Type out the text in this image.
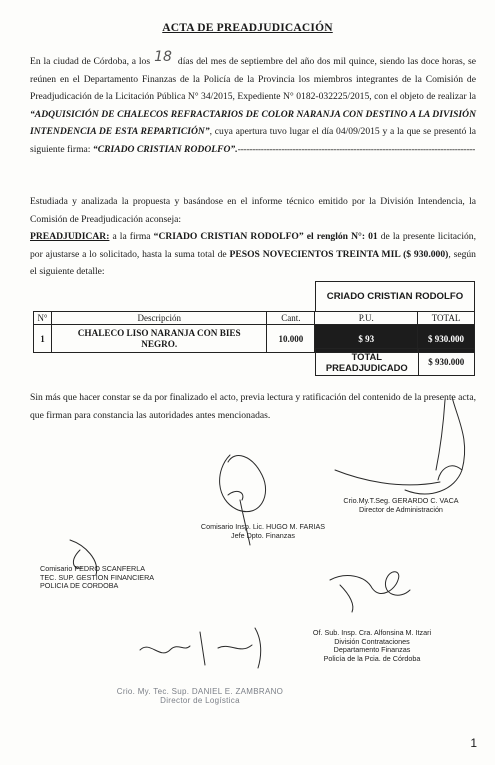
ACTA DE PREADJUDICACIÓN
En la ciudad de Córdoba, a los 18 días del mes de septiembre del año dos mil quince, siendo las doce horas, se reúnen en el Departamento Finanzas de la Policía de la Provincia los miembros integrantes de la Comisión de Preadjudicación de la Licitación Pública N° 34/2015, Expediente N° 0182-032225/2015, con el objeto de realizar la “ADQUISICIÓN DE CHALECOS REFRACTARIOS DE COLOR NARANJA CON DESTINO A LA DIVISIÓN INTENDENCIA DE ESTA REPARTICIÓN”, cuya apertura tuvo lugar el día 04/09/2015 y a la que se presentó la siguiente firma: “CRIADO CRISTIAN RODOLFO”.----------------------------------------------------------------------------------
Estudiada y analizada la propuesta y basándose en el informe técnico emitido por la División Intendencia, la Comisión de Preadjudicación aconseja:
PREADJUDICAR: a la firma “CRIADO CRISTIAN RODOLFO” el renglón N°: 01 de la presente licitación, por ajustarse a lo solicitado, hasta la suma total de PESOS NOVECIENTOS TREINTA MIL ($ 930.000), según el siguiente detalle:
CRIADO CRISTIAN RODOLFO
N°	Descripción	Cant.	P.U.	TOTAL
1	CHALECO LISO NARANJA CON BIES NEGRO.	10.000	$ 93	$ 930.000
TOTAL PREADJUDICADO	$ 930.000
Sin más que hacer constar se da por finalizado el acto, previa lectura y ratificación del contenido de la presente acta, que firman para constancia las autoridades antes mencionadas.
Crio.My.T.Seg. GERARDO C. VACA
Director de Administración
Comisario Insp. Lic. HUGO M. FARIAS
Jefe Dpto. Finanzas
Comisario PEDRO SCANFERLA
TEC. SUP. GESTION FINANCIERA
POLICIA DE CORDOBA
Of. Sub. Insp. Cra. Alfonsina M. Itzari
División Contrataciones
Departamento Finanzas
Policía de la Pcia. de Córdoba
Crio. My. Tec. Sup. DANIEL E. ZAMBRANO
Director de Logística
1
